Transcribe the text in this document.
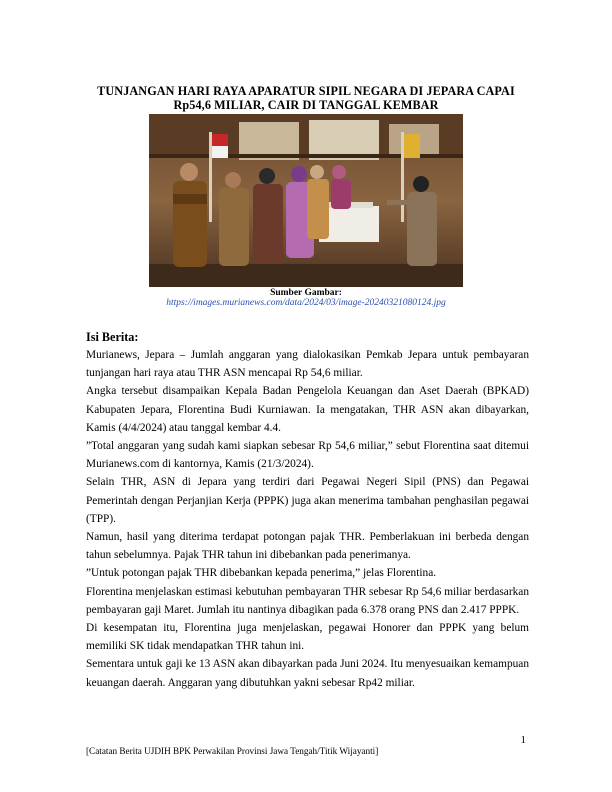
TUNJANGAN HARI RAYA APARATUR SIPIL NEGARA DI JEPARA CAPAI
Rp54,6 MILIAR, CAIR DI TANGGAL KEMBAR
Sumber Gambar:
https://images.murianews.com/data/2024/03/image-20240321080124.jpg
Isi Berita:

Murianews, Jepara – Jumlah anggaran yang dialokasikan Pemkab Jepara untuk pembayaran tunjangan hari raya atau THR ASN mencapai Rp 54,6 miliar.

Angka tersebut disampaikan Kepala Badan Pengelola Keuangan dan Aset Daerah (BPKAD) Kabupaten Jepara, Florentina Budi Kurniawan. Ia mengatakan, THR ASN akan dibayarkan, Kamis (4/4/2024) atau tanggal kembar 4.4.

”Total anggaran yang sudah kami siapkan sebesar Rp 54,6 miliar,” sebut Florentina saat ditemui Murianews.com di kantornya, Kamis (21/3/2024).

Selain THR, ASN di Jepara yang terdiri dari Pegawai Negeri Sipil (PNS) dan Pegawai Pemerintah dengan Perjanjian Kerja (PPPK) juga akan menerima tambahan penghasilan pegawai (TPP).

Namun, hasil yang diterima terdapat potongan pajak THR. Pemberlakuan ini berbeda dengan tahun sebelumnya. Pajak THR tahun ini dibebankan pada penerimanya.

”Untuk potongan pajak THR dibebankan kepada penerima,” jelas Florentina.

Florentina menjelaskan estimasi kebutuhan pembayaran THR sebesar Rp 54,6 miliar berdasarkan pembayaran gaji Maret. Jumlah itu nantinya dibagikan pada 6.378 orang PNS dan 2.417 PPPK.

Di kesempatan itu, Florentina juga menjelaskan, pegawai Honorer dan PPPK yang belum memiliki SK tidak mendapatkan THR tahun ini.

Sementara untuk gaji ke 13 ASN akan dibayarkan pada Juni 2024. Itu menyesuaikan kemampuan keuangan daerah. Anggaran yang dibutuhkan yakni sebesar Rp42 miliar.

1
[Catatan Berita UJDIH BPK Perwakilan Provinsi Jawa Tengah/Titik Wijayanti]
